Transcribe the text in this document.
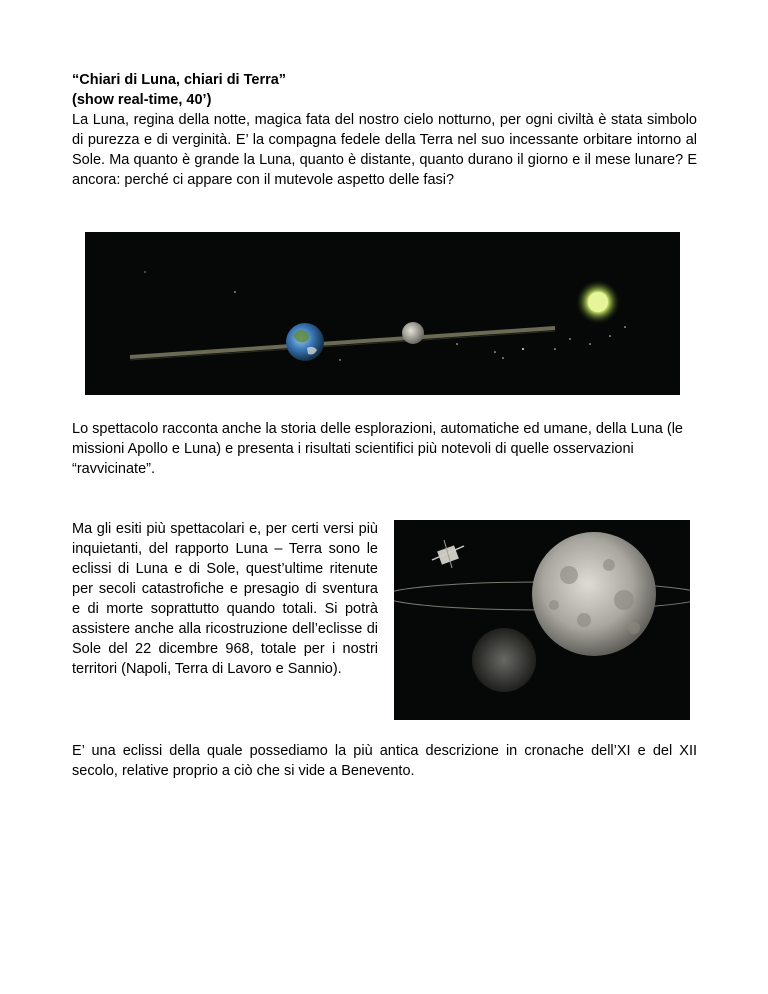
“Chiari di Luna, chiari di Terra”

(show real-time, 40’)

La Luna, regina della notte, magica fata del nostro cielo notturno, per ogni civiltà è stata simbolo di purezza e di verginità. E’ la compagna fedele della Terra nel suo incessante orbitare intorno al Sole. Ma quanto è grande la Luna, quanto è distante, quanto durano il giorno e il mese lunare? E ancora: perché ci appare con il mutevole aspetto delle fasi?

Lo spettacolo racconta anche la storia delle esplorazioni, automatiche ed umane, della Luna (le missioni Apollo e Luna) e presenta i risultati scientifici più notevoli di quelle osservazioni “ravvicinate”.

Ma gli esiti più spettacolari e, per certi versi più inquietanti, del rapporto Luna – Terra sono le eclissi di Luna e di Sole, quest’ultime ritenute per secoli catastrofiche e presagio di sventura e di morte soprattutto quando totali. Si potrà assistere anche alla ricostruzione dell’eclisse di Sole del 22 dicembre 968, totale per i nostri territori (Napoli, Terra di Lavoro e Sannio).

E’ una eclissi della quale possediamo la più antica descrizione in cronache dell’XI e del XII secolo, relative proprio a ciò che si vide a Benevento.
